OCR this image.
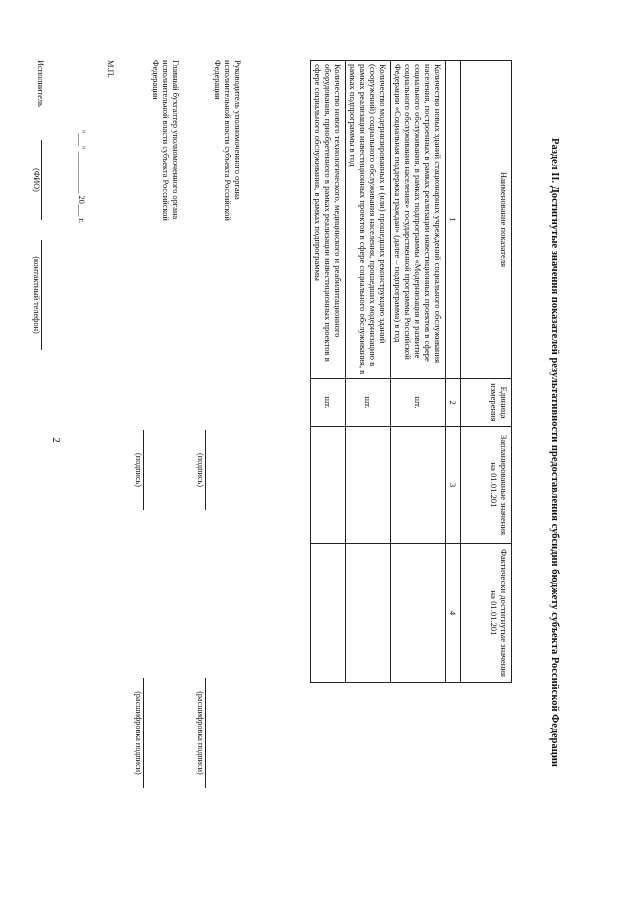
2	Раздел II. Достигнутые значения показателей результативности предоставления субсидии бюджету субъекта Российской Федерации
Наименование показателя	Единица измерения	Запланированные значения на 01.01.201	Фактически достигнутые значения на 01.01.201
1	2	3	4
Количество новых зданий стационарных учреждений социального обслуживания населения, построенных в рамках реализации инвестиционных проектов в сфере социального обслуживания, в рамках подпрограммы «Модернизация и развитие социального обслуживания населения» государственной программы Российской Федерации «Социальная поддержка граждан» (далее – подпрограмма) в год	шт.		
Количество модернизированных и (или) прошедших реконструкцию зданий (сооружений) социального обслуживания населения, прошедших модернизацию в рамках реализации инвестиционных проектов в сфере социального обслуживания, в рамках подпрограммы в год	шт.		
Количество нового технологического, медицинского и реабилитационного оборудования, приобретенного в рамках реализации инвестиционных проектов в сфере социального обслуживания, в рамках подпрограммы	шт.		
Руководитель уполномоченного органа исполнительной власти субъекта Российской Федерации
(подпись)
(расшифровка подписи)
Главный бухгалтер уполномоченного органа исполнительной власти субъекта Российской Федерации
(подпись)
(расшифровка подписи)
М.П.
"___" __________ 20___ г.
Исполнитель
(ФИО)
(контактный телефон)
